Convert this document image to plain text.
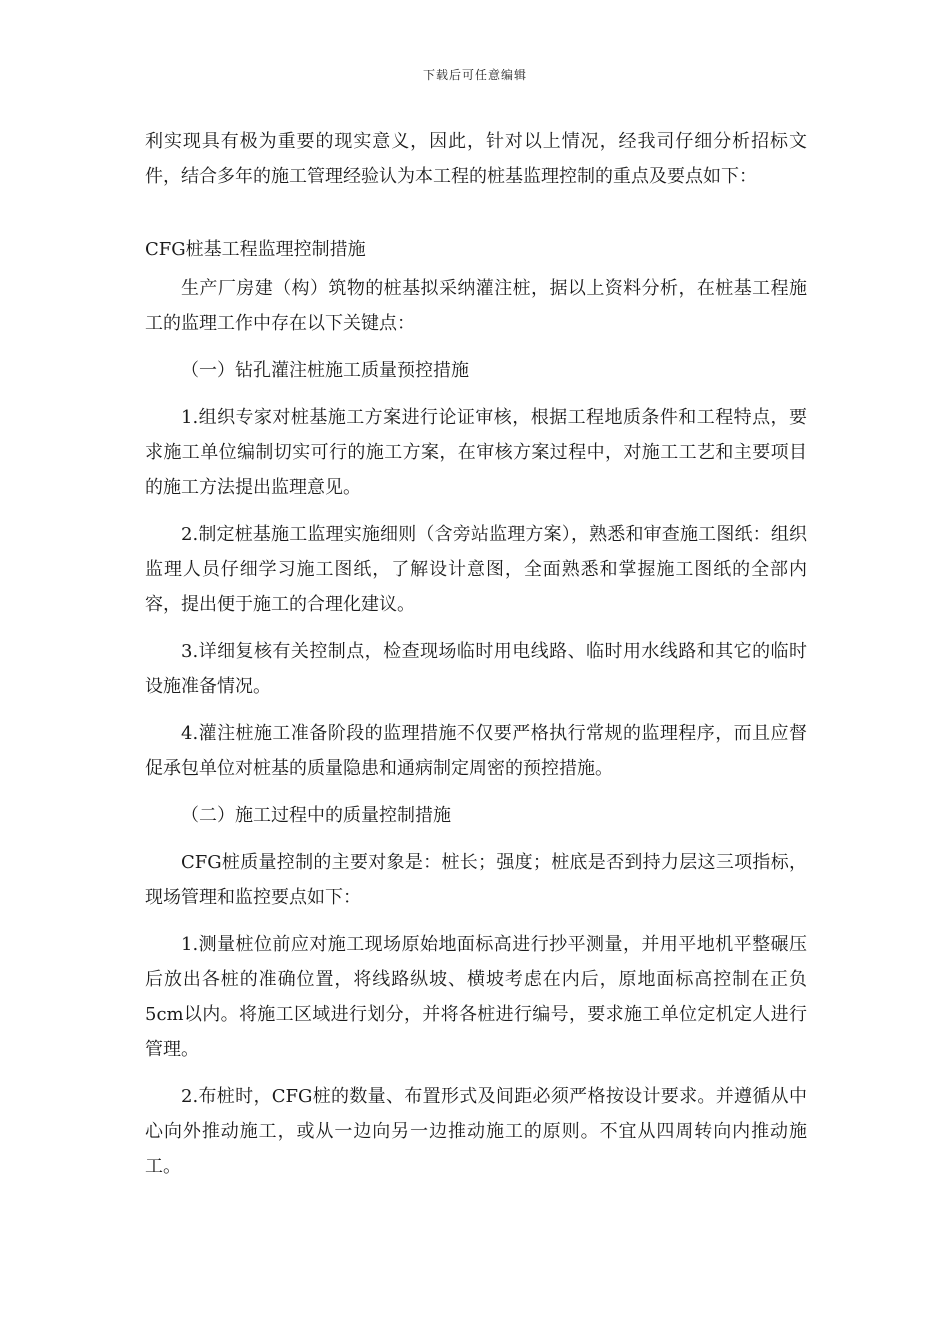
下载后可任意编辑

利实现具有极为重要的现实意义，因此，针对以上情况，经我司仔细分析招标文件，结合多年的施工管理经验认为本工程的桩基监理控制的重点及要点如下：

CFG桩基工程监理控制措施

生产厂房建（构）筑物的桩基拟采纳灌注桩，据以上资料分析，在桩基工程施工的监理工作中存在以下关键点：

（一）钻孔灌注桩施工质量预控措施

1.组织专家对桩基施工方案进行论证审核，根据工程地质条件和工程特点，要求施工单位编制切实可行的施工方案，在审核方案过程中，对施工工艺和主要项目的施工方法提出监理意见。

2.制定桩基施工监理实施细则（含旁站监理方案），熟悉和审查施工图纸：组织监理人员仔细学习施工图纸，了解设计意图，全面熟悉和掌握施工图纸的全部内容，提出便于施工的合理化建议。

3.详细复核有关控制点，检查现场临时用电线路、临时用水线路和其它的临时设施准备情况。

4.灌注桩施工准备阶段的监理措施不仅要严格执行常规的监理程序，而且应督促承包单位对桩基的质量隐患和通病制定周密的预控措施。

（二）施工过程中的质量控制措施

CFG桩质量控制的主要对象是：桩长；强度；桩底是否到持力层这三项指标，现场管理和监控要点如下：

1.测量桩位前应对施工现场原始地面标高进行抄平测量，并用平地机平整碾压后放出各桩的准确位置，将线路纵坡、横坡考虑在内后，原地面标高控制在正负5cm以内。将施工区域进行划分，并将各桩进行编号，要求施工单位定机定人进行管理。

2.布桩时，CFG桩的数量、布置形式及间距必须严格按设计要求。并遵循从中心向外推动施工，或从一边向另一边推动施工的原则。不宜从四周转向内推动施工。
